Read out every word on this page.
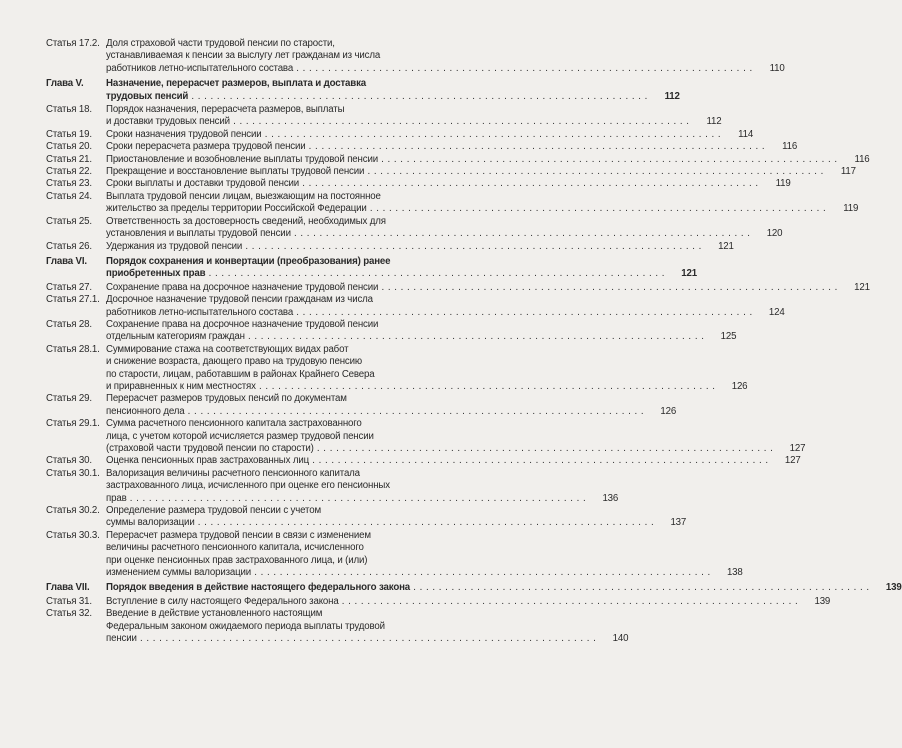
Статья 17.2. Доля страховой части трудовой пенсии по старости,
устанавливаемая к пенсии за выслугу лет гражданам из числа
работников летно-испытательного состава . . .	110
Глава V.	Назначение, перерасчет размеров, выплата и доставка
трудовых пенсий . . .	112
Статья 18.	Порядок назначения, перерасчета размеров, выплаты
и доставки трудовых пенсий . . .	112
Статья 19.	Сроки назначения трудовой пенсии . . .	114
Статья 20.	Сроки перерасчета размера трудовой пенсии . . .	116
Статья 21.	Приостановление и возобновление выплаты трудовой пенсии . . .	116
Статья 22.	Прекращение и восстановление выплаты трудовой пенсии . . .	117
Статья 23.	Сроки выплаты и доставки трудовой пенсии . . .	119
Статья 24.	Выплата трудовой пенсии лицам, выезжающим на постоянное
жительство за пределы территории Российской Федерации . . .	119
Статья 25.	Ответственность за достоверность сведений, необходимых для
установления и выплаты трудовой пенсии . . .	120
Статья 26.	Удержания из трудовой пенсии . . .	121
Глава VI.	Порядок сохранения и конвертации (преобразования) ранее
приобретенных прав . . .	121
Статья 27.	Сохранение права на досрочное назначение трудовой пенсии . . .	121
Статья 27.1. Досрочное назначение трудовой пенсии гражданам из числа
работников летно-испытательного состава . . .	124
Статья 28.	Сохранение права на досрочное назначение трудовой пенсии
отдельным категориям граждан . . .	125
Статья 28.1. Суммирование стажа на соответствующих видах работ
и снижение возраста, дающего право на трудовую пенсию
по старости, лицам, работавшим в районах Крайнего Севера
и приравненных к ним местностях . . .	126
Статья 29.	Перерасчет размеров трудовых пенсий по документам
пенсионного дела . . .	126
Статья 29.1. Сумма расчетного пенсионного капитала застрахованного
лица, с учетом которой исчисляется размер трудовой пенсии
(страховой части трудовой пенсии по старости) . . .	127
Статья 30.	Оценка пенсионных прав застрахованных лиц . . .	127
Статья 30.1. Валоризация величины расчетного пенсионного капитала
застрахованного лица, исчисленного при оценке его пенсионных
прав . . .	136
Статья 30.2. Определение размера трудовой пенсии с учетом
суммы валоризации . . .	137
Статья 30.3. Перерасчет размера трудовой пенсии в связи с изменением
величины расчетного пенсионного капитала, исчисленного
при оценке пенсионных прав застрахованного лица, и (или)
изменением суммы валоризации . . .	138
Глава VII.	Порядок введения в действие настоящего федерального закона . . .	139
Статья 31.	Вступление в силу настоящего Федерального закона . . .	139
Статья 32.	Введение в действие установленного настоящим
Федеральным законом ожидаемого периода выплаты трудовой
пенсии . . .	140
